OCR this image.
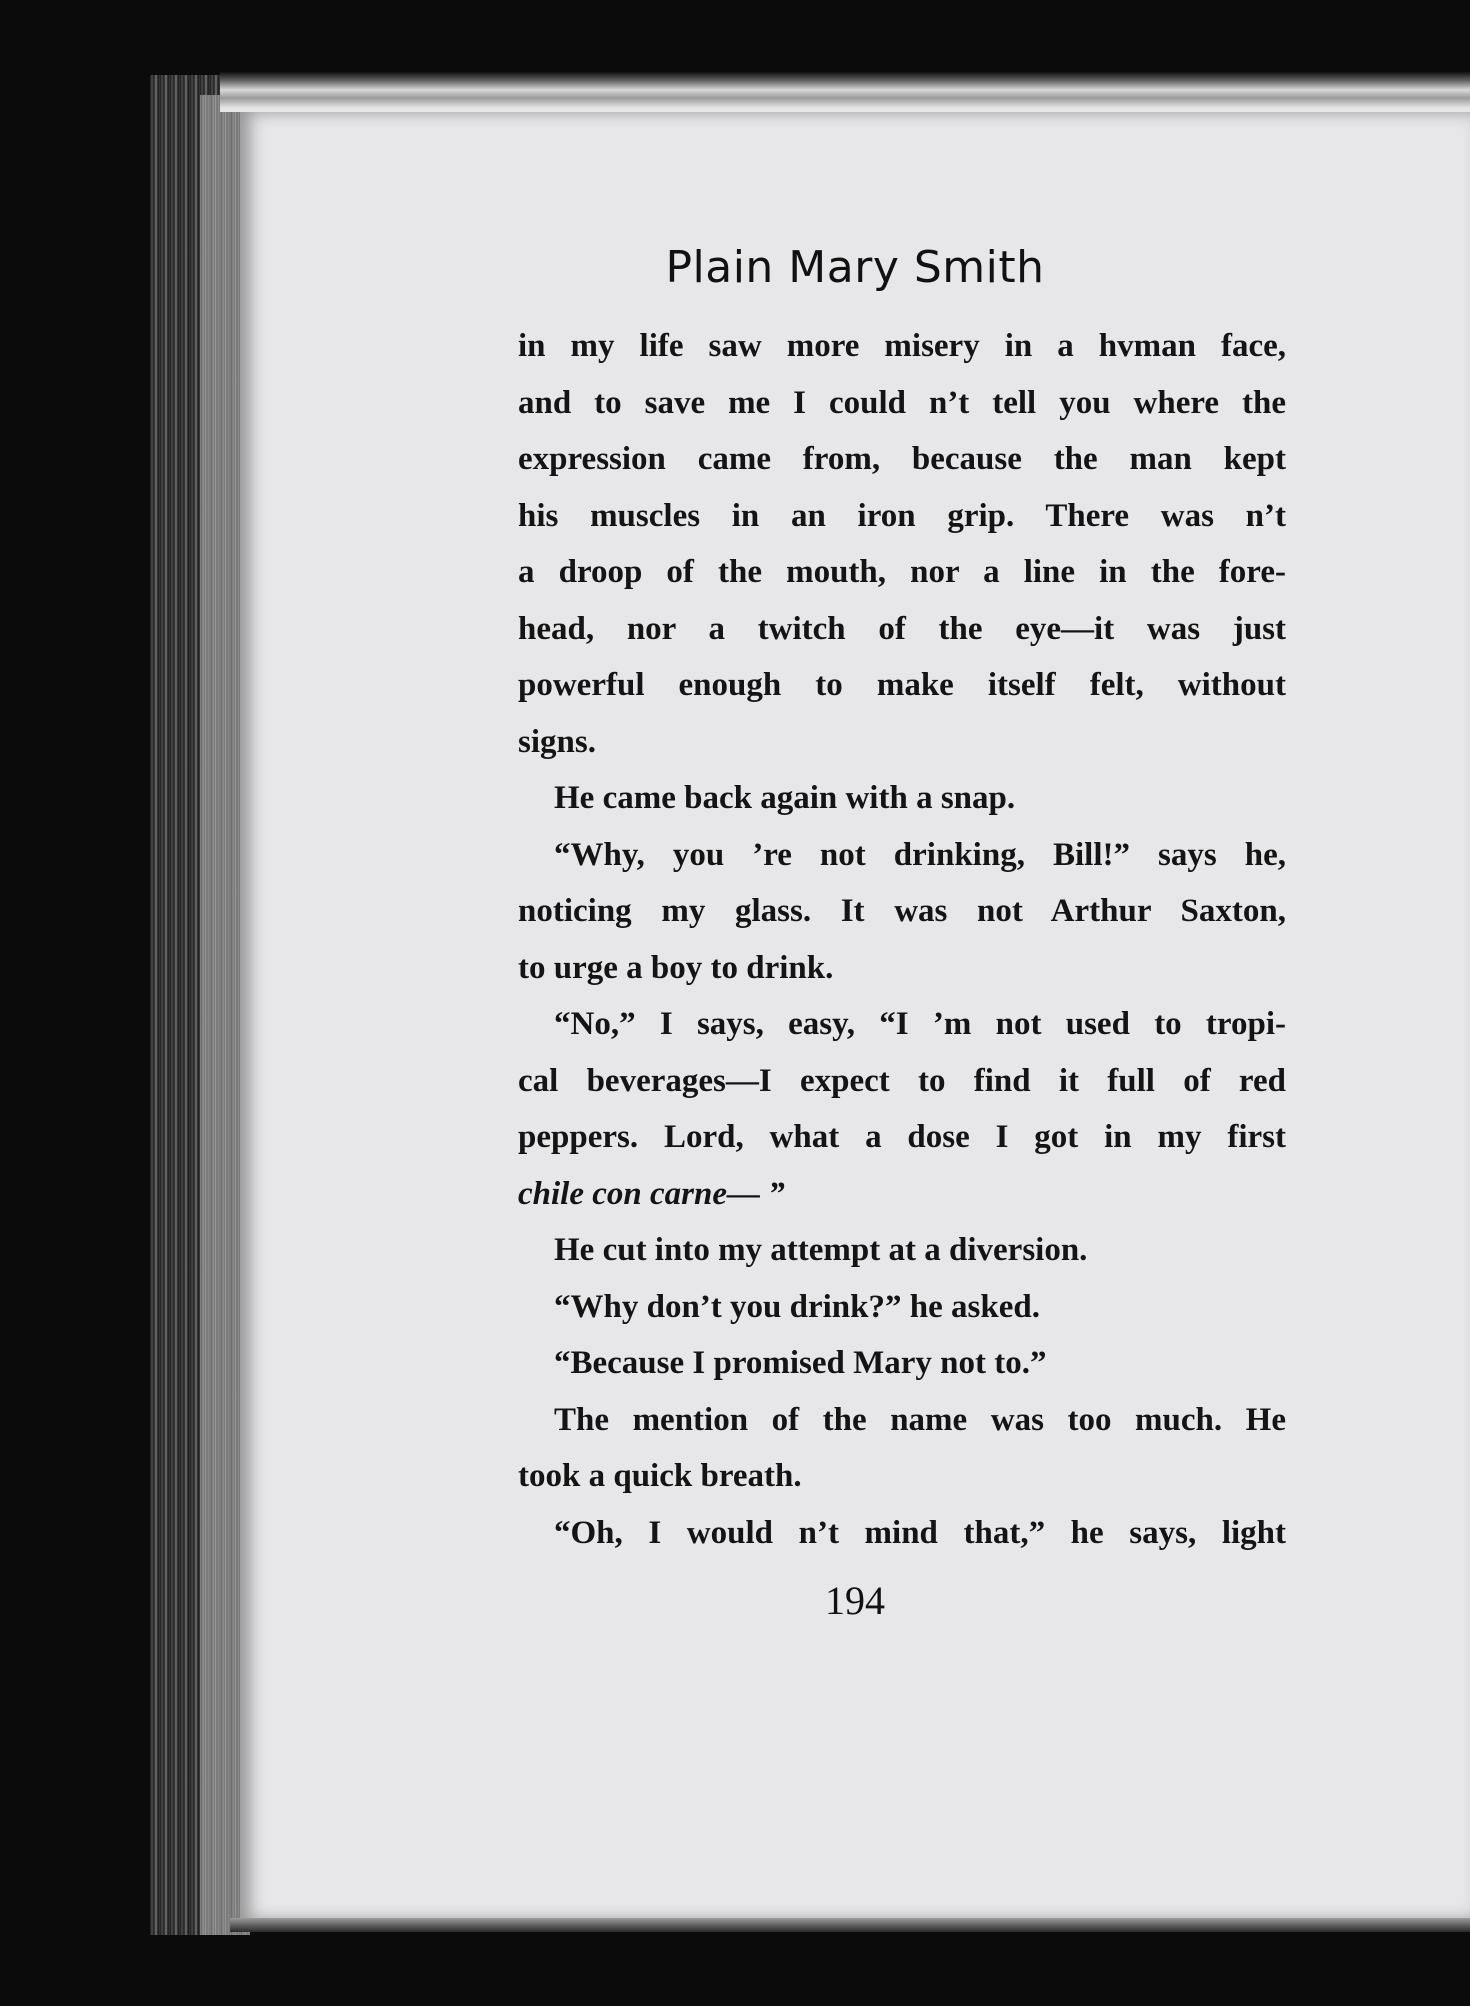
Plain Mary Smith
in my life saw more misery in a hvman face,
and to save me I could n’t tell you where the
expression came from, because the man kept
his muscles in an iron grip. There was n’t
a droop of the mouth, nor a line in the fore-
head, nor a twitch of the eye—it was just
powerful enough to make itself felt, without
signs.
He came back again with a snap.
“Why, you ’re not drinking, Bill!” says he,
noticing my glass. It was not Arthur Saxton,
to urge a boy to drink.
“No,” I says, easy, “I ’m not used to tropi-
cal beverages—I expect to find it full of red
peppers. Lord, what a dose I got in my first
chile con carne— ”
He cut into my attempt at a diversion.
“Why don’t you drink?” he asked.
“Because I promised Mary not to.”
The mention of the name was too much. He
took a quick breath.
“Oh, I would n’t mind that,” he says, light
194
